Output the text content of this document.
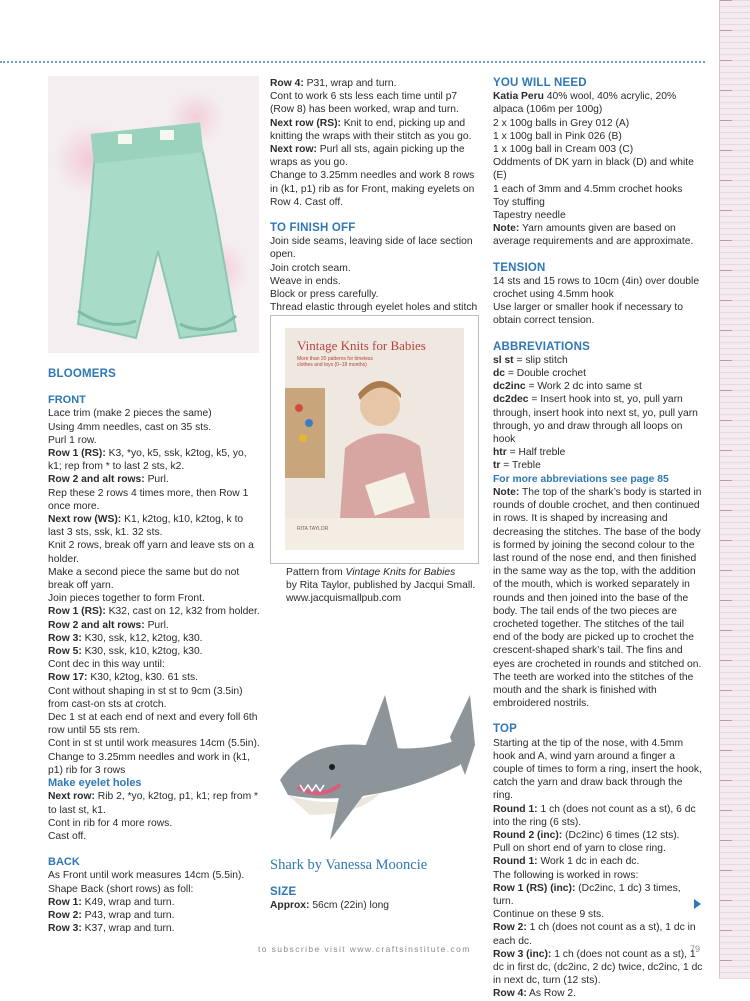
BLOOMERS
FRONT

Lace trim (make 2 pieces the same)

Using 4mm needles, cast on 35 sts.

Purl 1 row.

Row 1 (RS): K3, *yo, k5, ssk, k2tog, k5, yo, k1; rep from * to last 2 sts, k2.

Row 2 and alt rows: Purl.

Rep these 2 rows 4 times more, then Row 1 once more.

Next row (WS): K1, k2tog, k10, k2tog, k to last 3 sts, ssk, k1. 32 sts.

Knit 2 rows, break off yarn and leave sts on a holder.

Make a second piece the same but do not break off yarn.

Join pieces together to form Front.

Row 1 (RS): K32, cast on 12, k32 from holder.

Row 2 and alt rows: Purl.

Row 3: K30, ssk, k12, k2tog, k30.

Row 5: K30, ssk, k10, k2tog, k30.

Cont dec in this way until:

Row 17: K30, k2tog, k30. 61 sts.

Cont without shaping in st st to 9cm (3.5in) from cast-on sts at crotch.

Dec 1 st at each end of next and every foll 6th row until 55 sts rem.

Cont in st st until work measures 14cm (5.5in).

Change to 3.25mm needles and work in (k1, p1) rib for 3 rows

Make eyelet holes

Next row: Rib 2, *yo, k2tog, p1, k1; rep from * to last st, k1.

Cont in rib for 4 more rows.

Cast off.

BACK

As Front until work measures 14cm (5.5in). Shape Back (short rows) as foll:

Row 1: K49, wrap and turn.

Row 2: P43, wrap and turn.

Row 3: K37, wrap and turn.

Row 4: P31, wrap and turn.

Cont to work 6 sts less each time until p7 (Row 8) has been worked, wrap and turn.

Next row (RS): Knit to end, picking up and knitting the wraps with their stitch as you go.

Next row: Purl all sts, again picking up the wraps as you go.

Change to 3.25mm needles and work 8 rows in (k1, p1) rib as for Front, making eyelets on Row 4. Cast off.

TO FINISH OFF

Join side seams, leaving side of lace section open.

Join crotch seam.

Weave in ends.

Block or press carefully.

Thread elastic through eyelet holes and stitch

Vintage Knits for Babies
More than 20 patterns for timeless clothes and toys (0–18 months)
RITA TAYLOR

Pattern from Vintage Knits for Babies

by Rita Taylor, published by Jacqui Small.

www.jacquismallpub.com

Shark by Vanessa Mooncie
SIZE

Approx: 56cm (22in) long

YOU WILL NEED

Katia Peru 40% wool, 40% acrylic, 20% alpaca (106m per 100g)

2 x 100g balls in Grey 012 (A)

1 x 100g ball in Pink 026 (B)

1 x 100g ball in Cream 003 (C)

Oddments of DK yarn in black (D) and white (E)

1 each of 3mm and 4.5mm crochet hooks

Toy stuffing

Tapestry needle

Note: Yarn amounts given are based on average requirements and are approximate.

TENSION

14 sts and 15 rows to 10cm (4in) over double crochet using 4.5mm hook

Use larger or smaller hook if necessary to obtain correct tension.

ABBREVIATIONS

sl st = slip stitch

dc = Double crochet

dc2inc = Work 2 dc into same st

dc2dec = Insert hook into st, yo, pull yarn through, insert hook into next st, yo, pull yarn through, yo and draw through all loops on hook

htr = Half treble

tr = Treble

For more abbreviations see page 85

Note: The top of the shark’s body is started in rounds of double crochet, and then continued in rows. It is shaped by increasing and decreasing the stitches. The base of the body is formed by joining the second colour to the last round of the nose end, and then finished in the same way as the top, with the addition of the mouth, which is worked separately in rounds and then joined into the base of the body. The tail ends of the two pieces are crocheted together. The stitches of the tail end of the body are picked up to crochet the crescent-shaped shark’s tail. The fins and eyes are crocheted in rounds and stitched on. The teeth are worked into the stitches of the mouth and the shark is finished with embroidered nostrils.

TOP

Starting at the tip of the nose, with 4.5mm hook and A, wind yarn around a finger a couple of times to form a ring, insert the hook, catch the yarn and draw back through the ring.

Round 1: 1 ch (does not count as a st), 6 dc into the ring (6 sts).

Round 2 (inc): (Dc2inc) 6 times (12 sts).

Pull on short end of yarn to close ring.

Round 1: Work 1 dc in each dc.

The following is worked in rows:

Row 1 (RS) (inc): (Dc2inc, 1 dc) 3 times, turn.

Continue on these 9 sts.

Row 2: 1 ch (does not count as a st), 1 dc in each dc.

Row 3 (inc): 1 ch (does not count as a st), 1 dc in first dc, (dc2inc, 2 dc) twice, dc2inc, 1 dc in next dc, turn (12 sts).

Row 4: As Row 2.

to subscribe visit www.craftsinstitute.com	79
